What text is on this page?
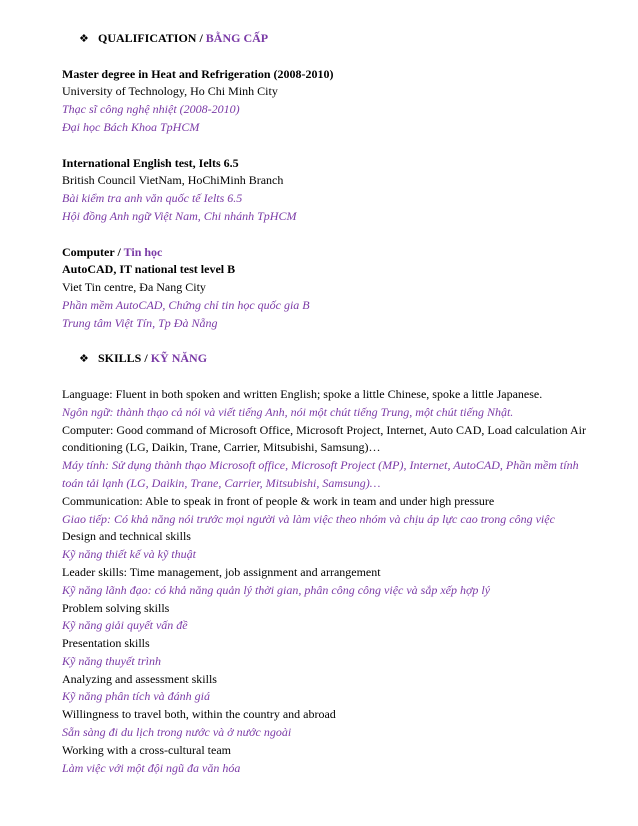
❖ QUALIFICATION / BẰNG CẤP
Master degree in Heat and Refrigeration (2008-2010)
University of Technology, Ho Chi Minh City
Thạc sĩ công nghệ nhiệt (2008-2010)
Đại học Bách Khoa TpHCM
International English test, Ielts 6.5
British Council VietNam, HoChiMinh Branch
Bài kiểm tra anh văn quốc tế Ielts 6.5
Hội đồng Anh ngữ Việt Nam, Chi nhánh TpHCM
Computer / Tin học
AutoCAD, IT national test level B
Viet Tin centre, Đa Nang City
Phần mềm AutoCAD, Chứng chỉ tin học quốc gia B
Trung tâm Việt Tín, Tp Đà Nẵng
❖ SKILLS / KỸ NĂNG
Language: Fluent in both spoken and written English; spoke a little Chinese, spoke a little Japanese.
Ngôn ngữ: thành thạo cả nói và viết tiếng Anh, nói một chút tiếng Trung, một chút tiếng Nhật.
Computer: Good command of Microsoft Office, Microsoft Project, Internet, Auto CAD, Load calculation Air conditioning (LG, Daikin, Trane, Carrier, Mitsubishi, Samsung)…
Máy tính: Sử dụng thành thạo Microsoft office, Microsoft Project (MP), Internet, AutoCAD, Phần mềm tính toán tải lạnh (LG, Daikin, Trane, Carrier, Mitsubishi, Samsung)…
Communication: Able to speak in front of people & work in team and under high pressure
Giao tiếp: Có khả năng nói trước mọi người và làm việc theo nhóm và chịu áp lực cao trong công việc
Design and technical skills
Kỹ năng thiết kế và kỹ thuật
Leader skills: Time management, job assignment and arrangement
Kỹ năng lãnh đạo: có khả năng quản lý thời gian, phân công công việc và sắp xếp hợp lý
Problem solving skills
Kỹ năng giải quyết vấn đề
Presentation skills
Kỹ năng thuyết trình
Analyzing and assessment skills
Kỹ năng phân tích và đánh giá
Willingness to travel both, within the country and abroad
Sẵn sàng đi du lịch trong nước và ở nước ngoài
Working with a cross-cultural team
Làm việc với một đội ngũ đa văn hóa
